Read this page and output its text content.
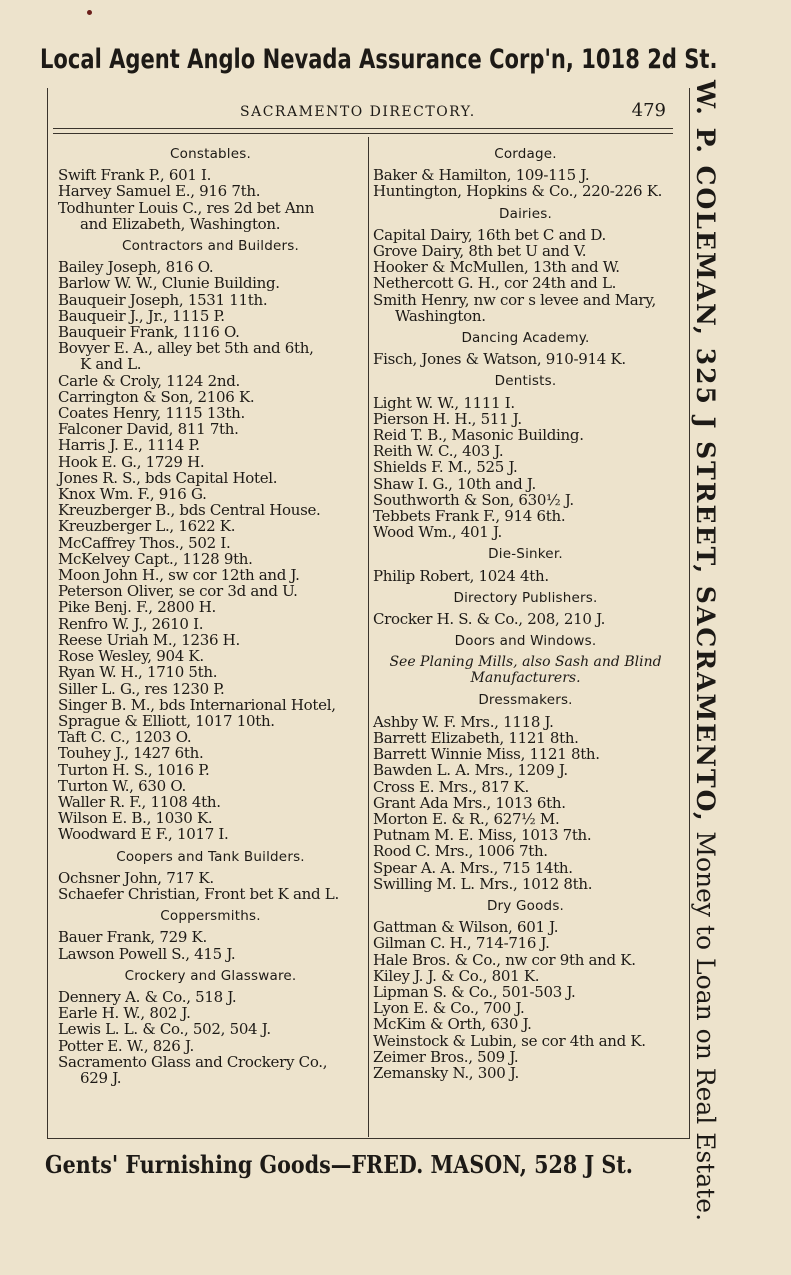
Local Agent Anglo Nevada Assurance Corp'n, 1018 2d St.
W. P. COLEMAN, 325 J STREET, SACRAMENTO, Money to Loan on Real Estate.
SACRAMENTO DIRECTORY.	479
Constables.
Swift Frank P., 601 I.
Harvey Samuel E., 916 7th.
Todhunter Louis C., res 2d bet Ann
and Elizabeth, Washington.
Contractors and Builders.
Bailey Joseph, 816 O.
Barlow W. W., Clunie Building.
Bauqueir Joseph, 1531 11th.
Bauqueir J., Jr., 1115 P.
Bauqueir Frank, 1116 O.
Bovyer E. A., alley bet 5th and 6th,
K and L.
Carle & Croly, 1124 2nd.
Carrington & Son, 2106 K.
Coates Henry, 1115 13th.
Falconer David, 811 7th.
Harris J. E., 1114 P.
Hook E. G., 1729 H.
Jones R. S., bds Capital Hotel.
Knox Wm. F., 916 G.
Kreuzberger B., bds Central House.
Kreuzberger L., 1622 K.
McCaffrey Thos., 502 I.
McKelvey Capt., 1128 9th.
Moon John H., sw cor 12th and J.
Peterson Oliver, se cor 3d and U.
Pike Benj. F., 2800 H.
Renfro W. J., 2610 I.
Reese Uriah M., 1236 H.
Rose Wesley, 904 K.
Ryan W. H., 1710 5th.
Siller L. G., res 1230 P.
Singer B. M., bds Internarional Hotel,
Sprague & Elliott, 1017 10th.
Taft C. C., 1203 O.
Touhey J., 1427 6th.
Turton H. S., 1016 P.
Turton W., 630 O.
Waller R. F., 1108 4th.
Wilson E. B., 1030 K.
Woodward E F., 1017 I.
Coopers and Tank Builders.
Ochsner John, 717 K.
Schaefer Christian, Front bet K and L.
Coppersmiths.
Bauer Frank, 729 K.
Lawson Powell S., 415 J.
Crockery and Glassware.
Dennery A. & Co., 518 J.
Earle H. W., 802 J.
Lewis L. L. & Co., 502, 504 J.
Potter E. W., 826 J.
Sacramento Glass and Crockery Co.,
629 J.
Cordage.
Baker & Hamilton, 109-115 J.
Huntington, Hopkins & Co., 220-226 K.
Dairies.
Capital Dairy, 16th bet C and D.
Grove Dairy, 8th bet U and V.
Hooker & McMullen, 13th and W.
Nethercott G. H., cor 24th and L.
Smith Henry, nw cor s levee and Mary,
Washington.
Dancing Academy.
Fisch, Jones & Watson, 910-914 K.
Dentists.
Light W. W., 1111 I.
Pierson H. H., 511 J.
Reid T. B., Masonic Building.
Reith W. C., 403 J.
Shields F. M., 525 J.
Shaw I. G., 10th and J.
Southworth & Son, 630½ J.
Tebbets Frank F., 914 6th.
Wood Wm., 401 J.
Die-Sinker.
Philip Robert, 1024 4th.
Directory Publishers.
Crocker H. S. & Co., 208, 210 J.
Doors and Windows.
See Planing Mills, also Sash and Blind
Manufacturers.
Dressmakers.
Ashby W. F. Mrs., 1118 J.
Barrett Elizabeth, 1121 8th.
Barrett Winnie Miss, 1121 8th.
Bawden L. A. Mrs., 1209 J.
Cross E. Mrs., 817 K.
Grant Ada Mrs., 1013 6th.
Morton E. & R., 627½ M.
Putnam M. E. Miss, 1013 7th.
Rood C. Mrs., 1006 7th.
Spear A. A. Mrs., 715 14th.
Swilling M. L. Mrs., 1012 8th.
Dry Goods.
Gattman & Wilson, 601 J.
Gilman C. H., 714-716 J.
Hale Bros. & Co., nw cor 9th and K.
Kiley J. J. & Co., 801 K.
Lipman S. & Co., 501-503 J.
Lyon E. & Co., 700 J.
McKim & Orth, 630 J.
Weinstock & Lubin, se cor 4th and K.
Zeimer Bros., 509 J.
Zemansky N., 300 J.
Gents' Furnishing Goods—FRED. MASON, 528 J St.
